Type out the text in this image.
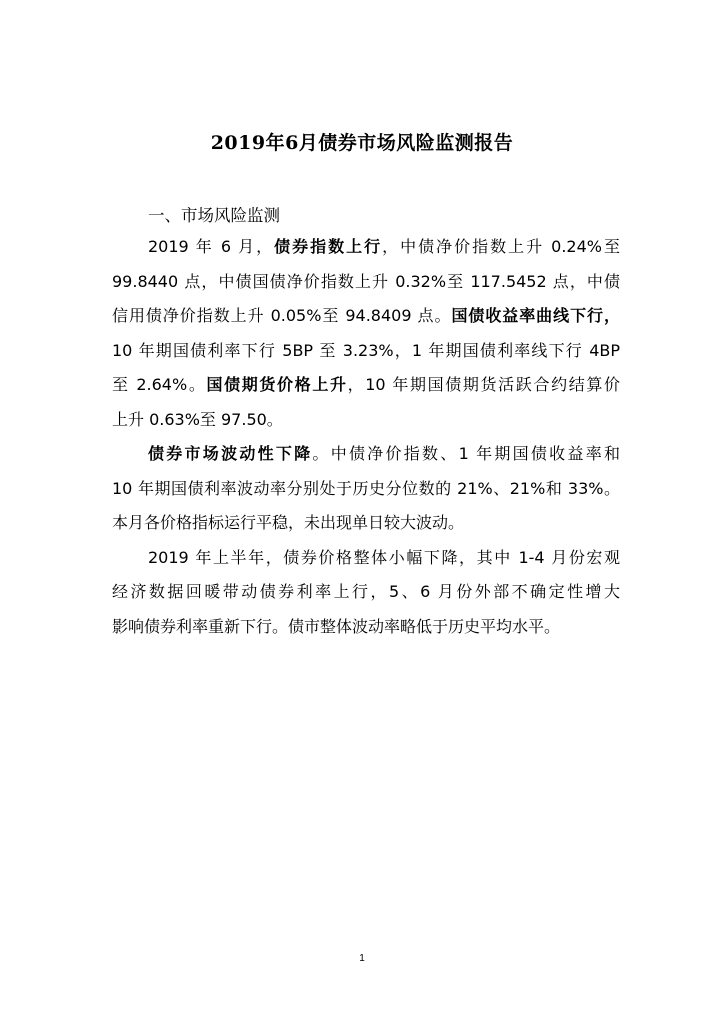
2019年6月债券市场风险监测报告
一、市场风险监测

2019 年 6 月，债券指数上行，中债净价指数上升 0.24%至

99.8440 点，中债国债净价指数上升 0.32%至 117.5452 点，中债

信用债净价指数上升 0.05%至 94.8409 点。国债收益率曲线下行，

10 年期国债利率下行 5BP 至 3.23%，1 年期国债利率线下行 4BP

至 2.64%。国债期货价格上升，10 年期国债期货活跃合约结算价

上升 0.63%至 97.50。

债券市场波动性下降。中债净价指数、1 年期国债收益率和

10 年期国债利率波动率分别处于历史分位数的 21%、21%和 33%。

本月各价格指标运行平稳，未出现单日较大波动。

2019 年上半年，债券价格整体小幅下降，其中 1-4 月份宏观

经济数据回暖带动债券利率上行，5、6 月份外部不确定性增大

影响债券利率重新下行。债市整体波动率略低于历史平均水平。

1
